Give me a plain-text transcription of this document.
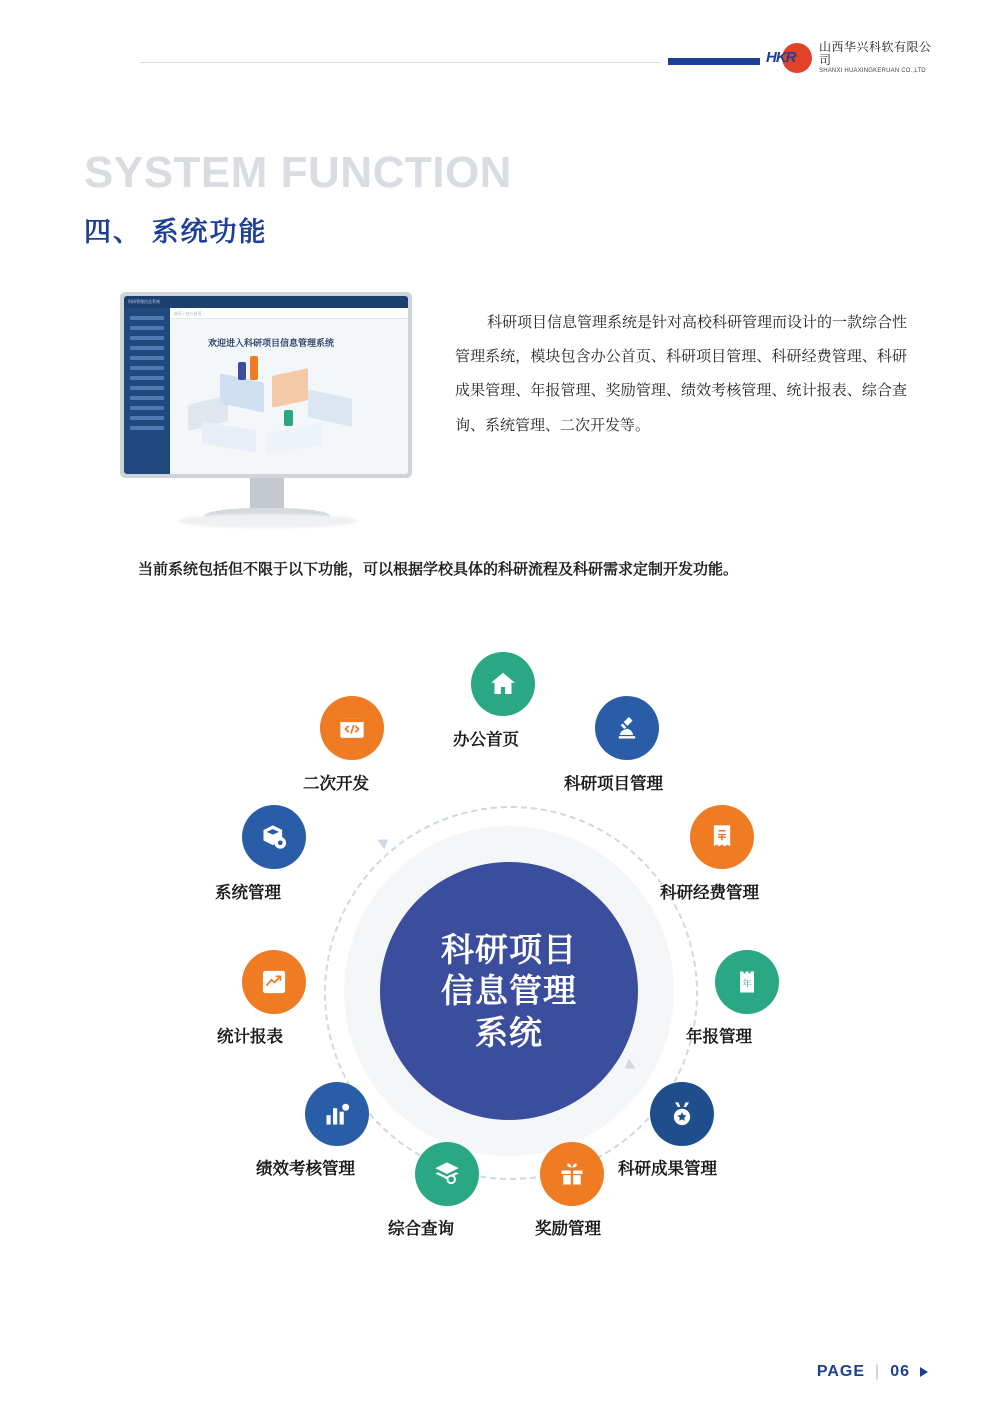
HKR
山西华兴科软有限公司
SHANXI HUAXINGKERUAN CO.,LTD
SYSTEM FUNCTION
四、 系统功能
科研管理信息系统
首页 / 办公首页
欢迎进入科研项目信息管理系统
科研项目信息管理系统是针对高校科研管理而设计的一款综合性管理系统，模块包含办公首页、科研项目管理、科研经费管理、科研成果管理、年报管理、奖励管理、绩效考核管理、统计报表、综合查询、系统管理、二次开发等。
当前系统包括但不限于以下功能，可以根据学校具体的科研流程及科研需求定制开发功能。
科研项目
信息管理
系统
办公首页
科研项目管理
科研经费管理
年
年报管理
科研成果管理
奖励管理
综合查询
绩效考核管理
统计报表
系统管理
二次开发
PAGE | 06
